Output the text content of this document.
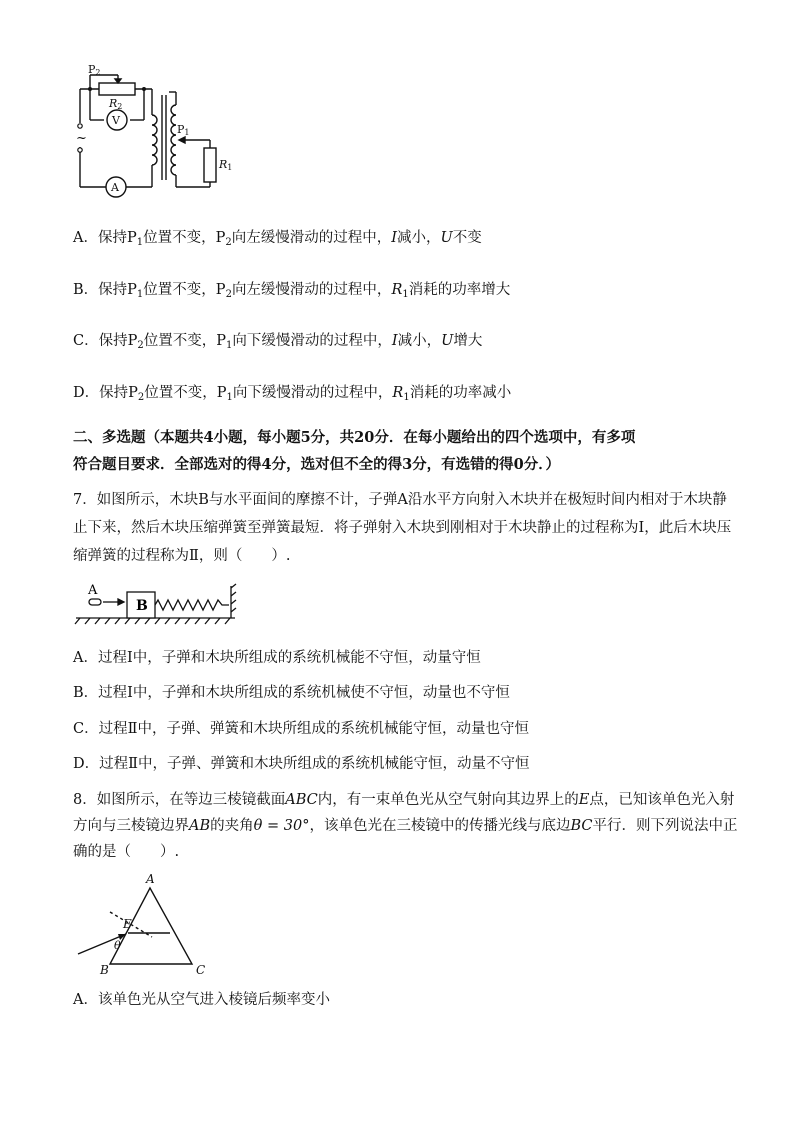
P2
R2
V
~
A
P1
R1
A．保持$P_1$位置不变，$P_2$向左缓慢滑动的过程中，I减小，U不变
B．保持$P_1$位置不变，$P_2$向左缓慢滑动的过程中，$R_1$消耗的功率增大
C．保持$P_2$位置不变，$P_1$向下缓慢滑动的过程中，I减小，U增大
D．保持$P_2$位置不变，$P_1$向下缓慢滑动的过程中，$R_1$消耗的功率减小
二、多选题（本题共4小题，每小题5分，共20分．在每小题给出的四个选项中，有多项
符合题目要求．全部选对的得4分，选对但不全的得3分，有选错的得0分．）
7．如图所示，木块B与水平面间的摩擦不计，子弹A沿水平方向射入木块并在极短时间内相对于木块静
止下来，然后木块压缩弹簧至弹簧最短．将子弹射入木块到刚相对于木块静止的过程称为Ⅰ，此后木块压
缩弹簧的过程称为Ⅱ，则（　　）.
A
B
A．过程Ⅰ中，子弹和木块所组成的系统机械能不守恒，动量守恒
B．过程Ⅰ中，子弹和木块所组成的系统机械使不守恒，动量也不守恒
C．过程Ⅱ中，子弹、弹簧和木块所组成的系统机械能守恒，动量也守恒
D．过程Ⅱ中，子弹、弹簧和木块所组成的系统机械能守恒，动量不守恒
8．如图所示，在等边三棱镜截面ABC内，有一束单色光从空气射向其边界上的E点，已知该单色光入射
方向与三棱镜边界AB的夹角θ = 30°，该单色光在三棱镜中的传播光线与底边BC平行．则下列说法中正
确的是（　　）.
A
B	C
E
θ
A．该单色光从空气进入棱镜后频率变小
